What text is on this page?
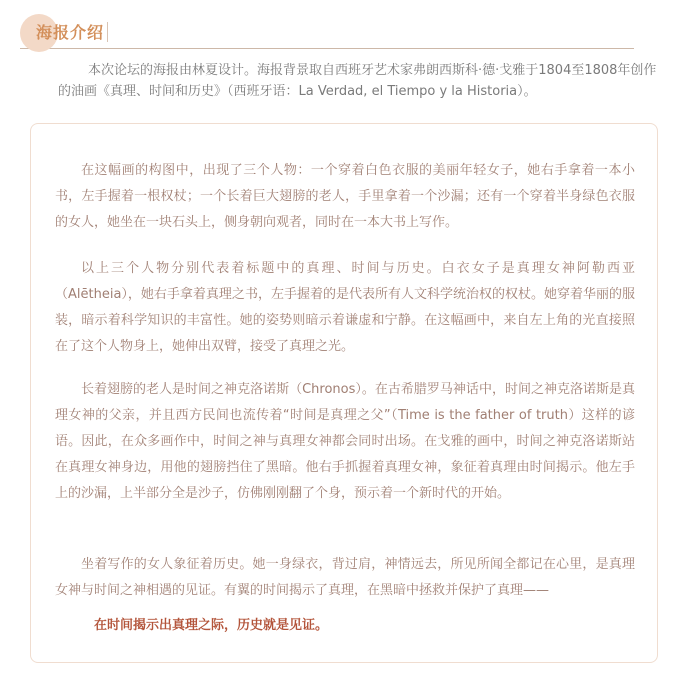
海报介绍
本次论坛的海报由林夏设计。海报背景取自西班牙艺术家弗朗西斯科·德·戈雅于1804至1808年创作的油画《真理、时间和历史》（西班牙语：La Verdad, el Tiempo y la Historia）。
在这幅画的构图中，出现了三个人物：一个穿着白色衣服的美丽年轻女子，她右手拿着一本小书，左手握着一根权杖；一个长着巨大翅膀的老人，手里拿着一个沙漏；还有一个穿着半身绿色衣服的女人，她坐在一块石头上，侧身朝向观者，同时在一本大书上写作。
以上三个人物分别代表着标题中的真理、时间与历史。白衣女子是真理女神阿勒西亚（Alētheia），她右手拿着真理之书，左手握着的是代表所有人文科学统治权的权杖。她穿着华丽的服装，暗示着科学知识的丰富性。她的姿势则暗示着谦虚和宁静。在这幅画中，来自左上角的光直接照在了这个人物身上，她伸出双臂，接受了真理之光。
长着翅膀的老人是时间之神克洛诺斯（Chronos）。在古希腊罗马神话中，时间之神克洛诺斯是真理女神的父亲，并且西方民间也流传着“时间是真理之父”（Time is the father of truth）这样的谚语。因此，在众多画作中，时间之神与真理女神都会同时出场。在戈雅的画中，时间之神克洛诺斯站在真理女神身边，用他的翅膀挡住了黑暗。他右手抓握着真理女神，象征着真理由时间揭示。他左手上的沙漏，上半部分全是沙子，仿佛刚刚翻了个身，预示着一个新时代的开始。
坐着写作的女人象征着历史。她一身绿衣，背过肩，神情远去，所见所闻全都记在心里，是真理女神与时间之神相遇的见证。有翼的时间揭示了真理，在黑暗中拯救并保护了真理——
在时间揭示出真理之际，历史就是见证。
